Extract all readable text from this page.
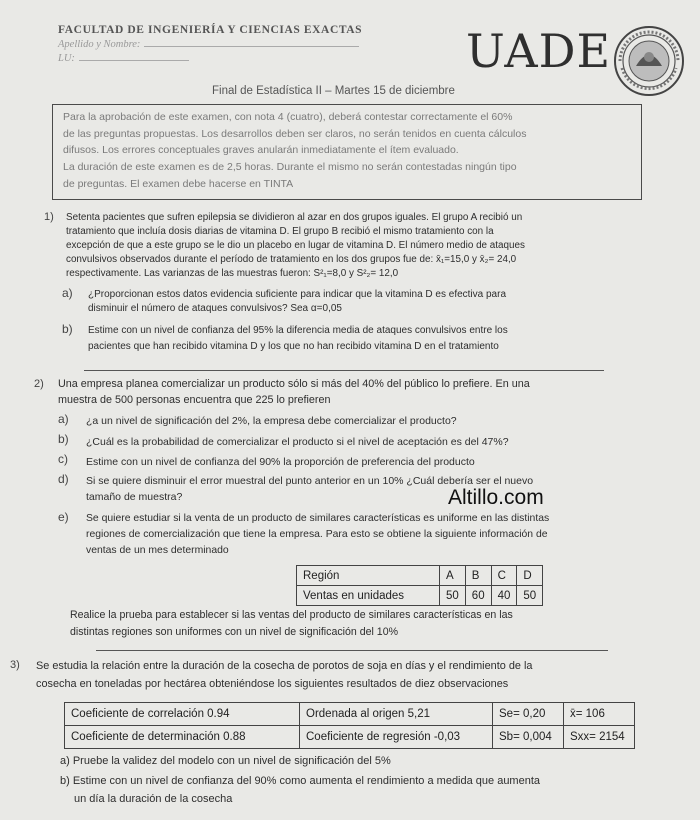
FACULTAD DE INGENIERÍA Y CIENCIAS EXACTAS
Apellido y Nombre:
LU:	UADE
Final de Estadística II – Martes 15 de diciembre
Para la aprobación de este examen, con nota 4 (cuatro), deberá contestar correctamente el 60%
de las preguntas propuestas. Los desarrollos deben ser claros, no serán tenidos en cuenta cálculos
difusos. Los errores conceptuales graves anularán inmediatamente el ítem evaluado.
La duración de este examen es de 2,5 horas. Durante el mismo no serán contestadas ningún tipo
de preguntas. El examen debe hacerse en TINTA
1) Setenta pacientes que sufren epilepsia se dividieron al azar en dos grupos iguales. El grupo A recibió un
tratamiento que incluía dosis diarias de vitamina D. El grupo B recibió el mismo tratamiento con la
excepción de que a este grupo se le dio un placebo en lugar de vitamina D. El número medio de ataques
convulsivos observados durante el período de tratamiento en los dos grupos fue de: x̄₁=15,0 y x̄₂= 24,0
respectivamente. Las varianzas de las muestras fueron: S²₁=8,0 y S²₂= 12,0
a) ¿Proporcionan estos datos evidencia suficiente para indicar que la vitamina D es efectiva para
disminuir el número de ataques convulsivos? Sea α=0,05
b) Estime con un nivel de confianza del 95% la diferencia media de ataques convulsivos entre los
pacientes que han recibido vitamina D y los que no han recibido vitamina D en el tratamiento
2) Una empresa planea comercializar un producto sólo si más del 40% del público lo prefiere. En una
muestra de 500 personas encuentra que 225 lo prefieren
a) ¿a un nivel de significación del 2%, la empresa debe comercializar el producto?
b) ¿Cuál es la probabilidad de comercializar el producto si el nivel de aceptación es del 47%?
c) Estime con un nivel de confianza del 90% la proporción de preferencia del producto
d) Si se quiere disminuir el error muestral del punto anterior en un 10% ¿Cuál debería ser el nuevo
tamaño de muestra?	Altillo.com
e) Se quiere estudiar si la venta de un producto de similares características es uniforme en las distintas
regiones de comercialización que tiene la empresa. Para esto se obtiene la siguiente información de
ventas de un mes determinado
Región	A	B	C	D
Ventas en unidades	50	60	40	50
Realice la prueba para establecer si las ventas del producto de similares características en las
distintas regiones son uniformes con un nivel de significación del 10%
3) Se estudia la relación entre la duración de la cosecha de porotos de soja en días y el rendimiento de la
cosecha en toneladas por hectárea obteniéndose los siguientes resultados de diez observaciones
Coeficiente de correlación 0.94	Ordenada al origen 5,21	Se= 0,20	x̄= 106
Coeficiente de determinación 0.88	Coeficiente de regresión -0,03	Sb= 0,004	Sxx= 2154
a) Pruebe la validez del modelo con un nivel de significación del 5%
b) Estime con un nivel de confianza del 90% como aumenta el rendimiento a medida que aumenta
un día la duración de la cosecha
